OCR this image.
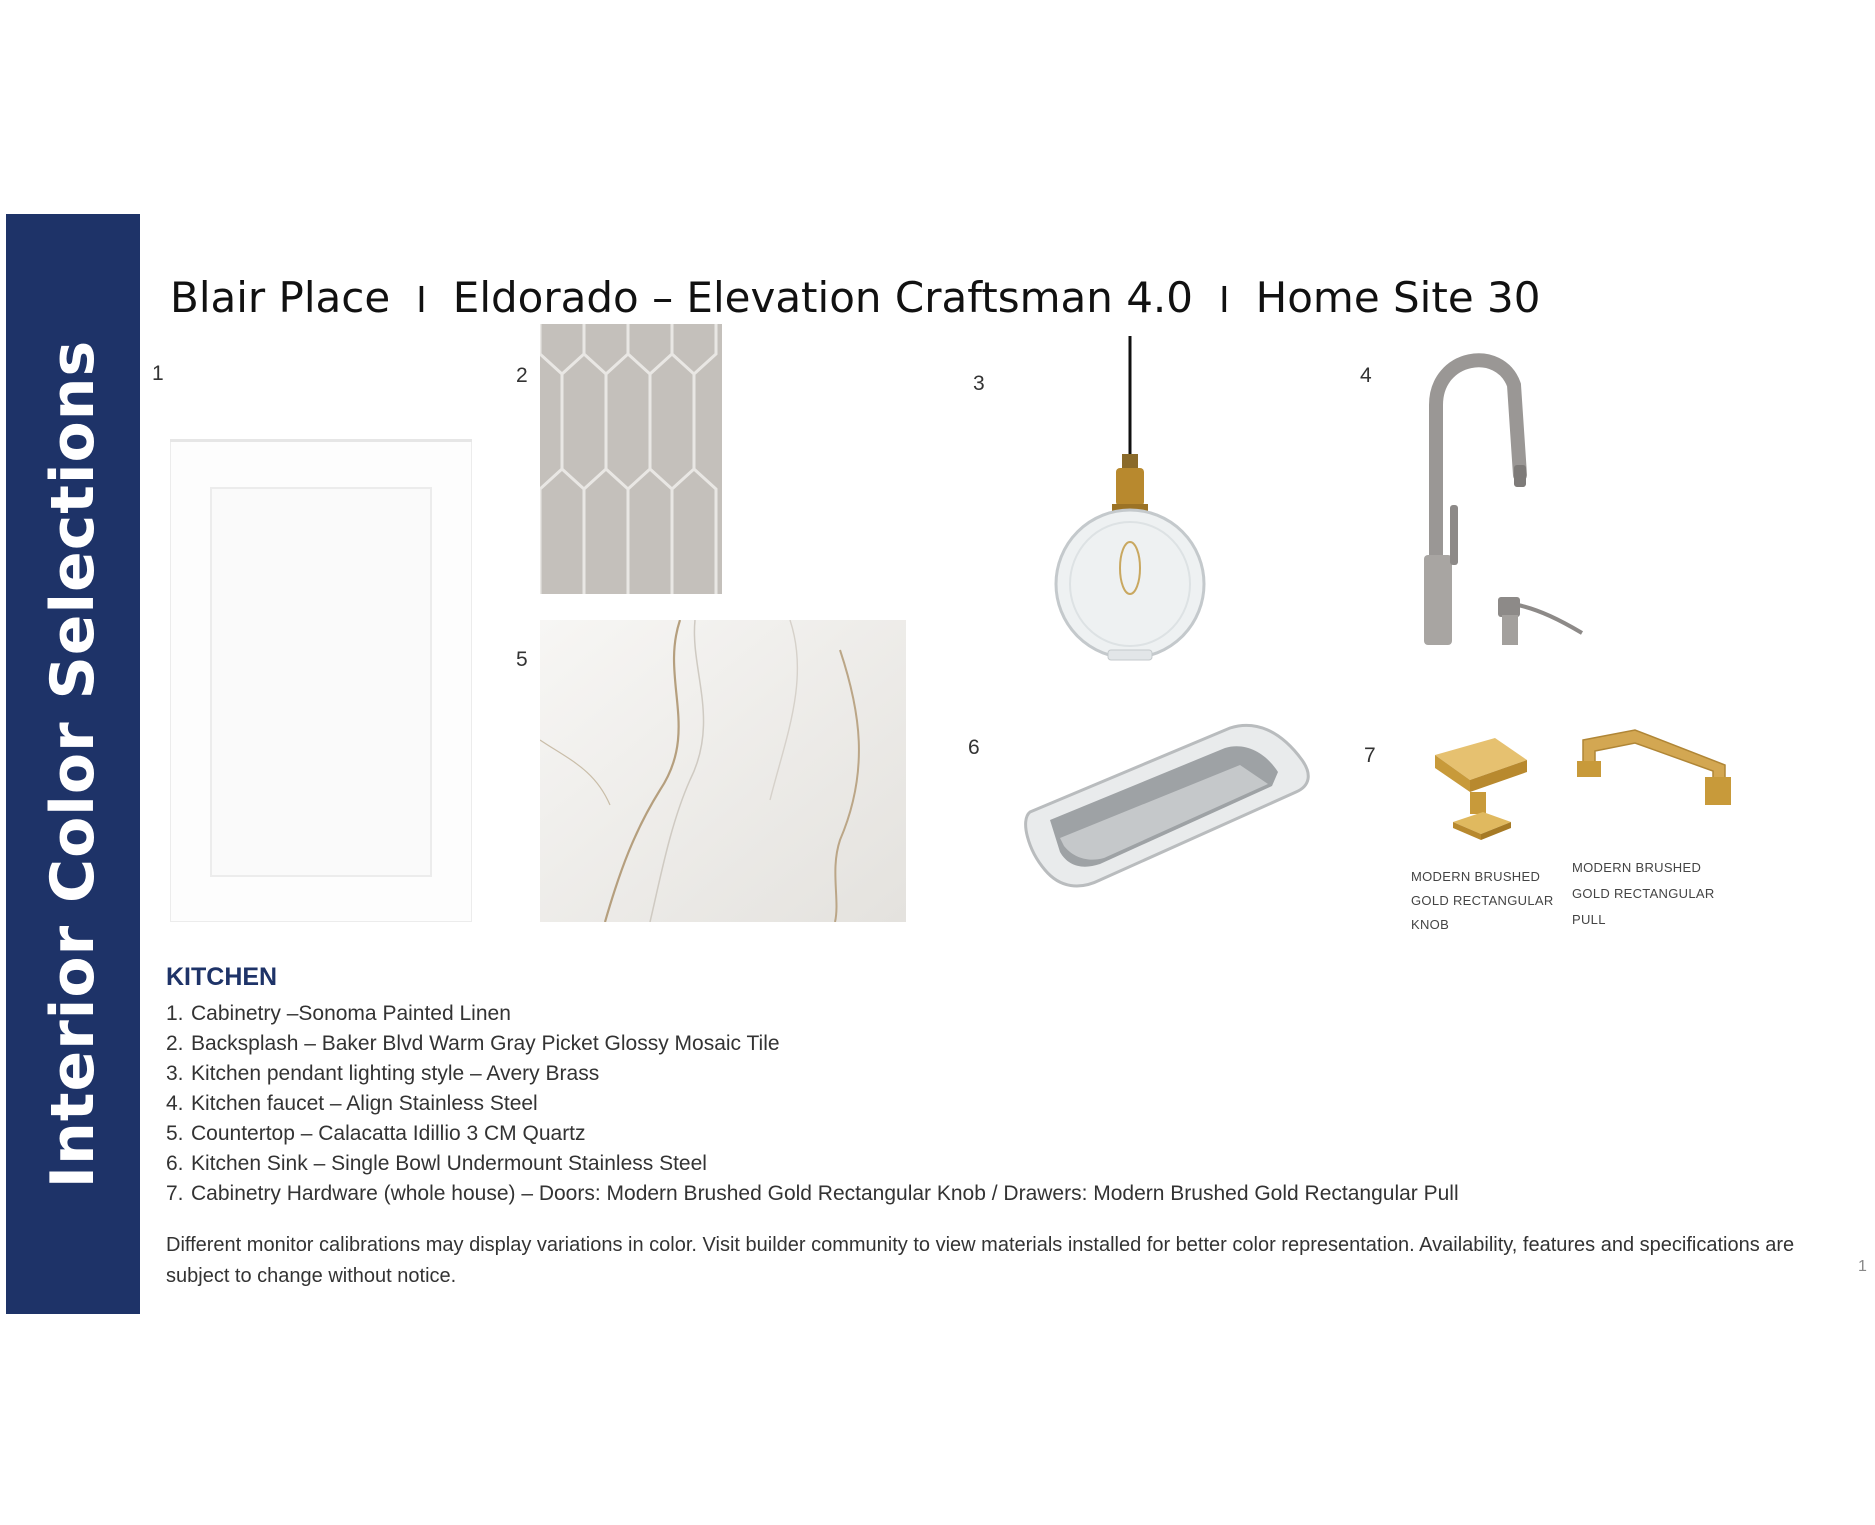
Interior Color Selections
Blair Place I Eldorado – Elevation Craftsman 4.0 I Home Site 30
1	2
5
3	4
6	7
MODERN BRUSHED
GOLD RECTANGULAR
KNOB
MODERN BRUSHED
GOLD RECTANGULAR
PULL
KITCHEN
1. Cabinetry –Sonoma Painted Linen
2. Backsplash – Baker Blvd Warm Gray Picket Glossy Mosaic Tile
3. Kitchen pendant lighting style – Avery Brass
4. Kitchen faucet – Align Stainless Steel
5. Countertop – Calacatta Idillio 3 CM Quartz
6. Kitchen Sink – Single Bowl Undermount Stainless Steel
7. Cabinetry Hardware (whole house) – Doors: Modern Brushed Gold Rectangular Knob / Drawers: Modern Brushed Gold Rectangular Pull
Different monitor calibrations may display variations in color. Visit builder community to view materials installed for better color representation. Availability, features and specifications are subject to change without notice.	1
